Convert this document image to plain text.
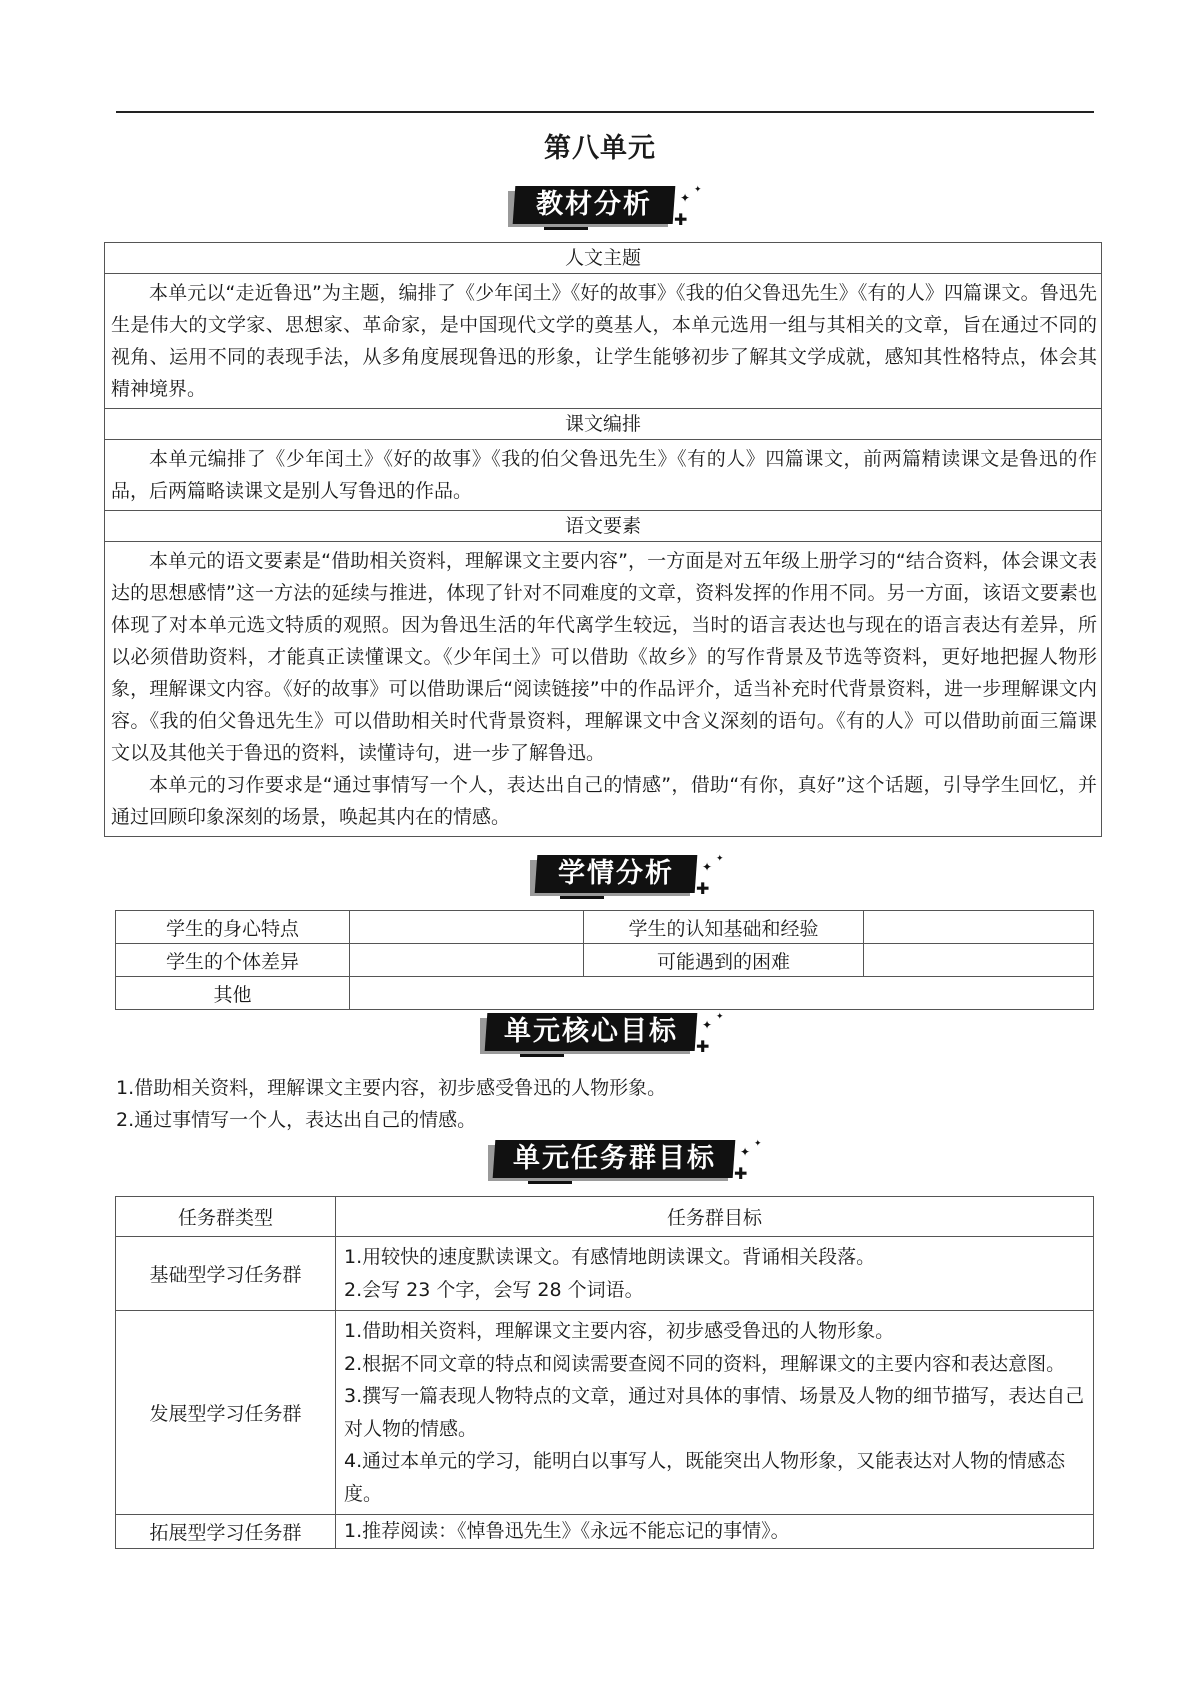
第八单元
教材分析	✦
✦
✚
人文主题

本单元以“走近鲁迅”为主题，编排了《少年闰土》《好的故事》《我的伯父鲁迅先生》《有的人》四篇课文。鲁迅先生是伟大的文学家、思想家、革命家，是中国现代文学的奠基人，本单元选用一组与其相关的文章，旨在通过不同的视角、运用不同的表现手法，从多角度展现鲁迅的形象，让学生能够初步了解其文学成就，感知其性格特点，体会其精神境界。

课文编排

本单元编排了《少年闰土》《好的故事》《我的伯父鲁迅先生》《有的人》四篇课文，前两篇精读课文是鲁迅的作品，后两篇略读课文是别人写鲁迅的作品。

语文要素

本单元的语文要素是“借助相关资料，理解课文主要内容”，一方面是对五年级上册学习的“结合资料，体会课文表达的思想感情”这一方法的延续与推进，体现了针对不同难度的文章，资料发挥的作用不同。另一方面，该语文要素也体现了对本单元选文特质的观照。因为鲁迅生活的年代离学生较远，当时的语言表达也与现在的语言表达有差异，所以必须借助资料，才能真正读懂课文。《少年闰土》可以借助《故乡》的写作背景及节选等资料，更好地把握人物形象，理解课文内容。《好的故事》可以借助课后“阅读链接”中的作品评介，适当补充时代背景资料，进一步理解课文内容。《我的伯父鲁迅先生》可以借助相关时代背景资料，理解课文中含义深刻的语句。《有的人》可以借助前面三篇课文以及其他关于鲁迅的资料，读懂诗句，进一步了解鲁迅。

本单元的习作要求是“通过事情写一个人，表达出自己的情感”，借助“有你，真好”这个话题，引导学生回忆，并通过回顾印象深刻的场景，唤起其内在的情感。

学情分析	✦
✦
✚
学生的身心特点		学生的认知基础和经验	
学生的个体差异		可能遇到的困难	
其他			
单元核心目标	✦
✦
✚
1.借助相关资料，理解课文主要内容，初步感受鲁迅的人物形象。
2.通过事情写一个人，表达出自己的情感。
单元任务群目标	✦
✦
✚
任务群类型	任务群目标
基础型学习任务群	1.用较快的速度默读课文。有感情地朗读课文。背诵相关段落。
2.会写 23 个字，会写 28 个词语。

发展型学习任务群	1.借助相关资料，理解课文主要内容，初步感受鲁迅的人物形象。
2.根据不同文章的特点和阅读需要查阅不同的资料，理解课文的主要内容和表达意图。
3.撰写一篇表现人物特点的文章，通过对具体的事情、场景及人物的细节描写，表达自己对人物的情感。
4.通过本单元的学习，能明白以事写人，既能突出人物形象，又能表达对人物的情感态度。

拓展型学习任务群	1.推荐阅读：《悼鲁迅先生》《永远不能忘记的事情》。
